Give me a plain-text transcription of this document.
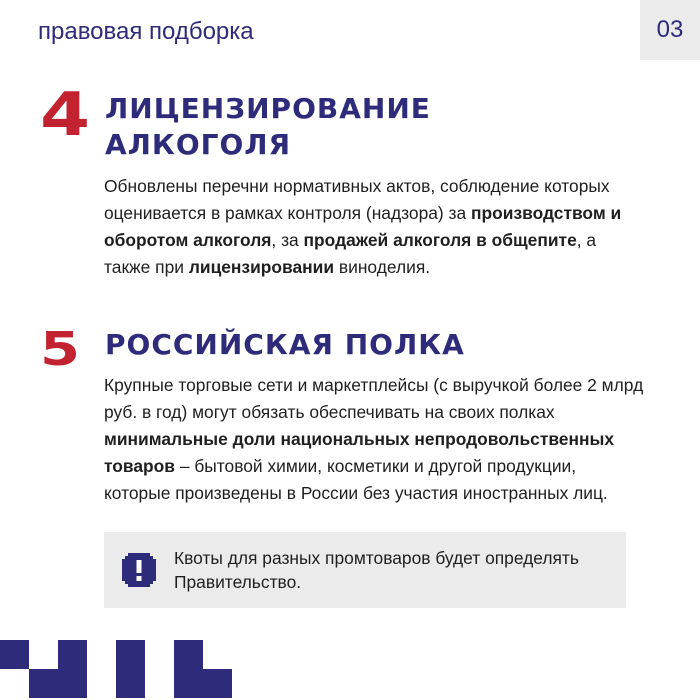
правовая подборка	03
4 ЛИЦЕНЗИРОВАНИЕ
АЛКОГОЛЯ
Обновлены перечни нормативных актов, соблюдение которых оценивается в рамках контроля (надзора) за производством и оборотом алкоголя, за продажей алкоголя в общепите, а также при лицензировании виноделия.
5 РОССИЙСКАЯ ПОЛКА
Крупные торговые сети и маркетплейсы (с выручкой более 2 млрд руб. в год) могут обязать обеспечивать на своих полках минимальные доли национальных непродовольственных товаров – бытовой химии, косметики и другой продукции, которые произведены в России без участия иностранных лиц.
Квоты для разных промтоваров будет определять Правительство.
